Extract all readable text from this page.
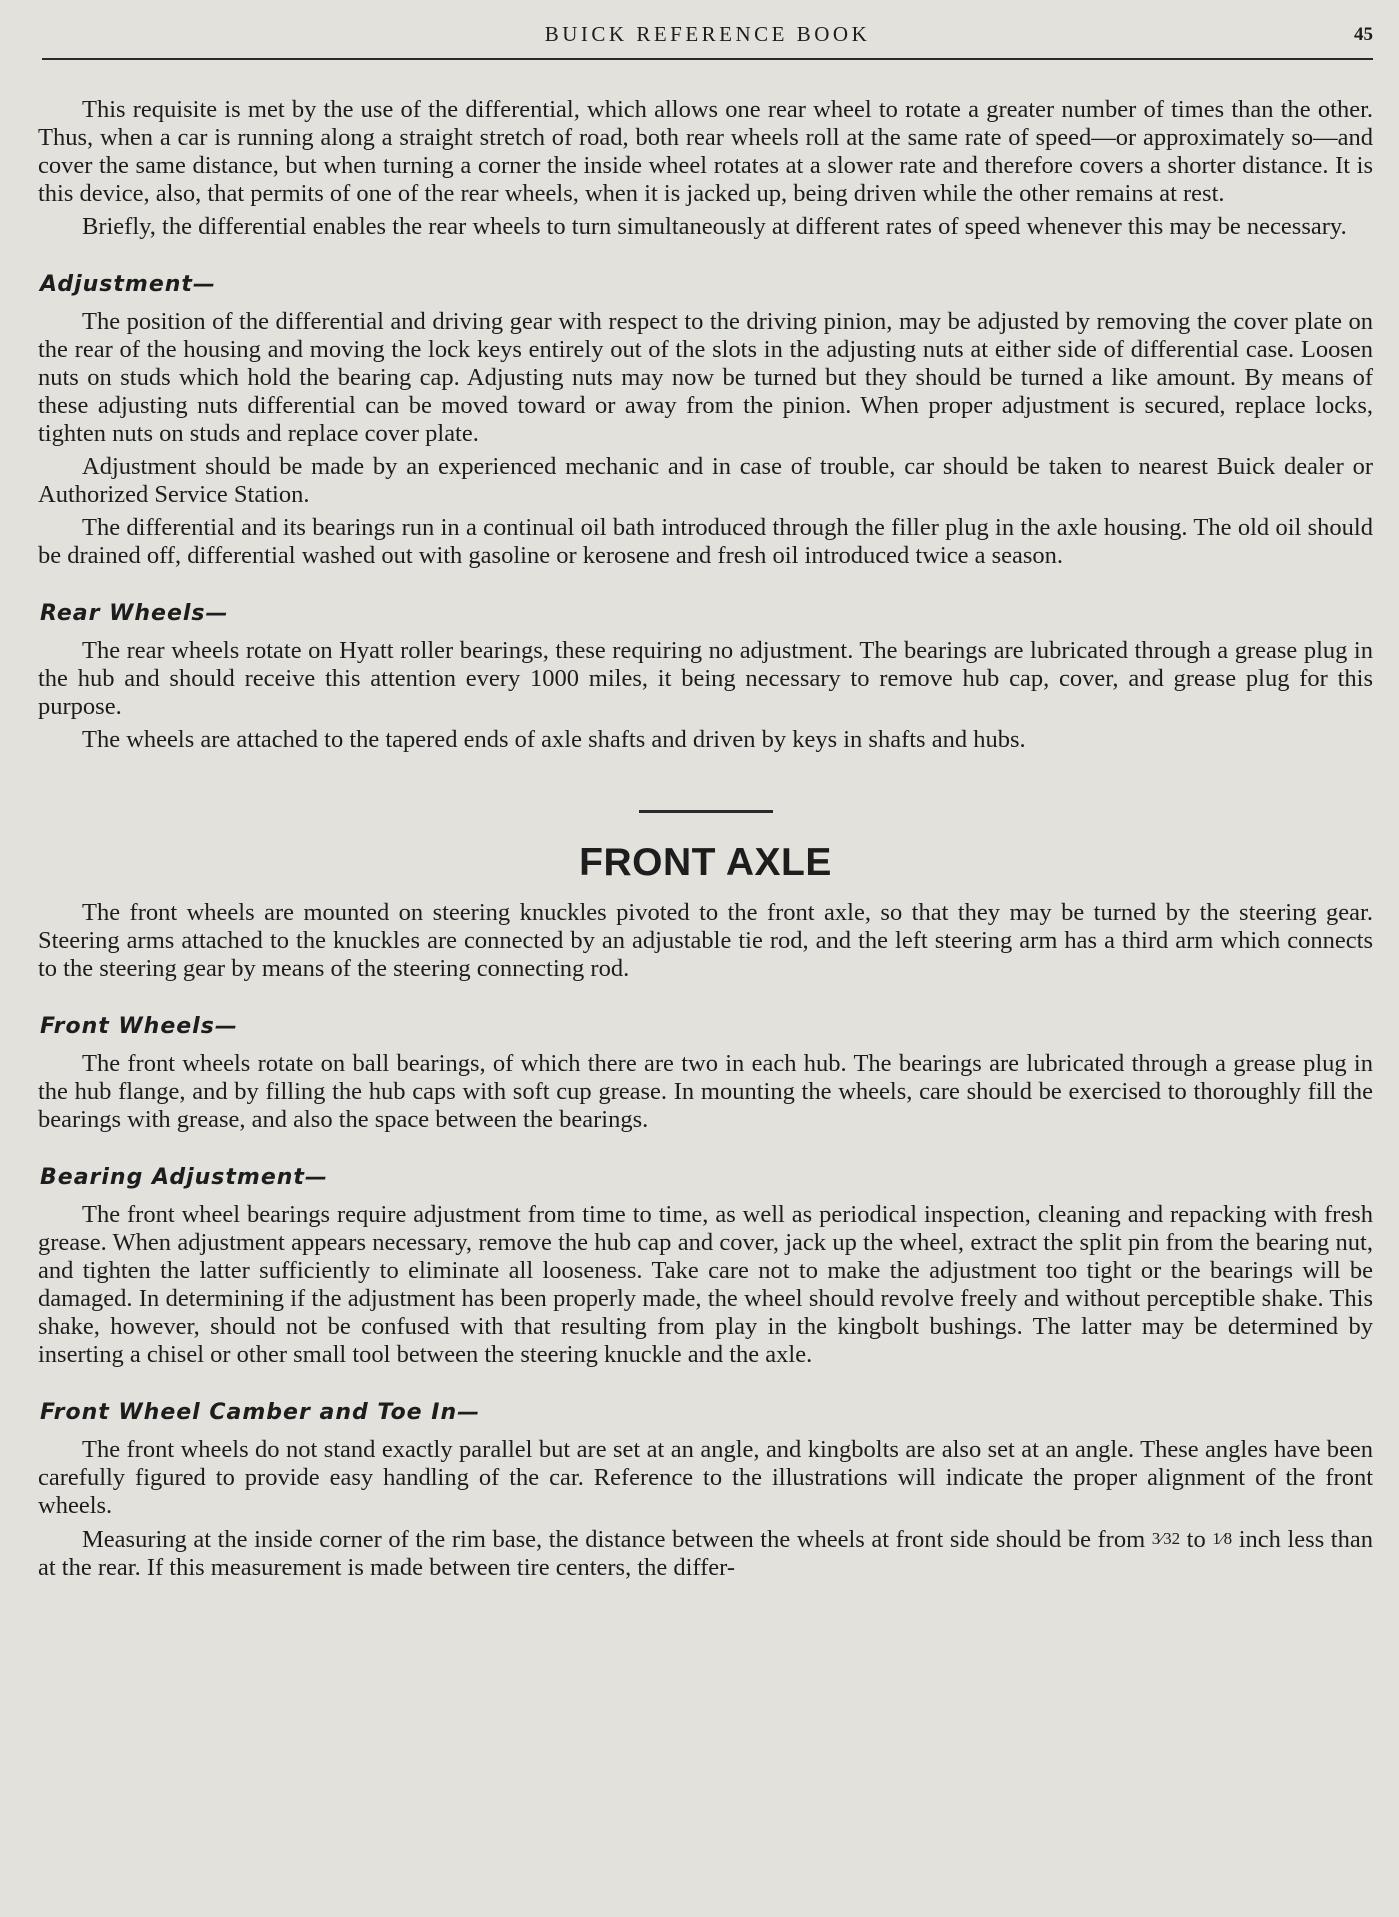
BUICK REFERENCE BOOK	45

This requisite is met by the use of the differential, which allows one rear wheel to rotate a greater number of times than the other. Thus, when a car is running along a straight stretch of road, both rear wheels roll at the same rate of speed—or approximately so—and cover the same distance, but when turning a corner the inside wheel rotates at a slower rate and therefore covers a shorter distance. It is this device, also, that permits of one of the rear wheels, when it is jacked up, being driven while the other remains at rest.

Briefly, the differential enables the rear wheels to turn simultaneously at different rates of speed whenever this may be necessary.

Adjustment—

The position of the differential and driving gear with respect to the driving pinion, may be adjusted by removing the cover plate on the rear of the housing and moving the lock keys entirely out of the slots in the adjusting nuts at either side of differential case. Loosen nuts on studs which hold the bearing cap. Adjusting nuts may now be turned but they should be turned a like amount. By means of these adjusting nuts differential can be moved toward or away from the pinion. When proper adjustment is secured, replace locks, tighten nuts on studs and replace cover plate.

Adjustment should be made by an experienced mechanic and in case of trouble, car should be taken to nearest Buick dealer or Authorized Service Station.

The differential and its bearings run in a continual oil bath introduced through the filler plug in the axle housing. The old oil should be drained off, differential washed out with gasoline or kerosene and fresh oil introduced twice a season.

Rear Wheels—

The rear wheels rotate on Hyatt roller bearings, these requiring no adjustment. The bearings are lubricated through a grease plug in the hub and should receive this attention every 1000 miles, it being necessary to remove hub cap, cover, and grease plug for this purpose.

The wheels are attached to the tapered ends of axle shafts and driven by keys in shafts and hubs.

FRONT AXLE

The front wheels are mounted on steering knuckles pivoted to the front axle, so that they may be turned by the steering gear. Steering arms attached to the knuckles are connected by an adjustable tie rod, and the left steering arm has a third arm which connects to the steering gear by means of the steering connecting rod.

Front Wheels—

The front wheels rotate on ball bearings, of which there are two in each hub. The bearings are lubricated through a grease plug in the hub flange, and by filling the hub caps with soft cup grease. In mounting the wheels, care should be exercised to thoroughly fill the bearings with grease, and also the space between the bearings.

Bearing Adjustment—

The front wheel bearings require adjustment from time to time, as well as periodical inspection, cleaning and repacking with fresh grease. When adjustment appears necessary, remove the hub cap and cover, jack up the wheel, extract the split pin from the bearing nut, and tighten the latter sufficiently to eliminate all looseness. Take care not to make the adjustment too tight or the bearings will be damaged. In determining if the adjustment has been properly made, the wheel should revolve freely and without perceptible shake. This shake, however, should not be confused with that resulting from play in the kingbolt bushings. The latter may be determined by inserting a chisel or other small tool between the steering knuckle and the axle.

Front Wheel Camber and Toe In—

The front wheels do not stand exactly parallel but are set at an angle, and kingbolts are also set at an angle. These angles have been carefully figured to provide easy handling of the car. Reference to the illustrations will indicate the proper alignment of the front wheels.

Measuring at the inside corner of the rim base, the distance between the wheels at front side should be from 3⁄32 to 1⁄8 inch less than at the rear. If this measurement is made between tire centers, the differ-
